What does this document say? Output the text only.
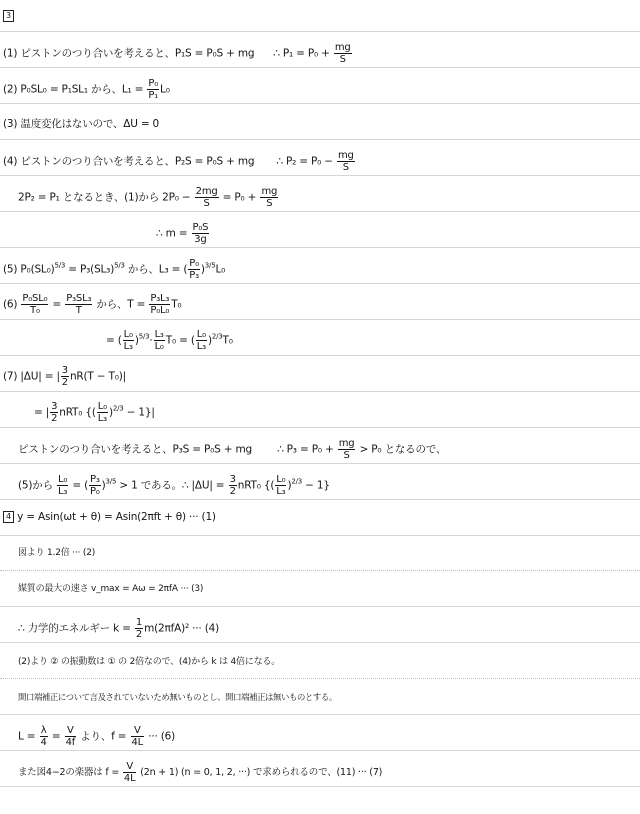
3
(1) ピストンのつり合いを考えると、P₁S = P₀S + mg ∴ $P_1 = P_0 + \frac{mg}{S}$
(2) P₀SL₀ = P₁SL₁ から、$L_1 = \frac{\text{P₀}}{\text{P₁}} L_0$
(3) 温度変化はないので、ΔU = 0
(4) ピストンのつり合いを考えると、P₂S = P₀S + mg ∴ $P_2 = P_0 - \frac{mg}{S}$
2P₂ = P₁ となるとき、(1)から $2P_0 - \frac{2mg}{S} = P_0 + \frac{mg}{S}$
∴ $m = \frac{\text{P₀S}}{3g}$
(5) $P_0(SL_0)^{5/3} = P_3(SL_3)^{5/3}$ から、L₃ = ( $\frac{\text{P₀}}{\text{P₃}} )^{3/5}L_0$
$(6) \frac{\text{P₀SL₀}}{\text{T₀}} = \frac{\text{P₃SL₃}}{T}$ から、$T = \frac{\text{P₃L₃}}{\text{P₀L₀}} T_0$
= ( $\frac{\text{L₀}}{\text{L₃}} )^{5/3}\cdot \frac{\text{L₃}}{\text{L₀}} T_0$ = ( $\frac{\text{L₀}}{\text{L₃}} )^{2/3}T_0$
(7) |ΔU| = | $\frac{3}{2} nR(T - T_0)|$
= | $\frac{3}{2} nRT_0$ {( $\frac{\text{L₀}}{\text{L₃}} )^{2/3} - 1\}|$
ピストンのつり合いを考えると、P₃S = P₀S + mg ∴ $P_3 = P_0 + \frac{mg}{S} > P_0$ となるので、
(5)から $\frac{\text{L₀}}{\text{L₃}}$ = ( $\frac{\text{P₃}}{\text{P₀}} )^{3/5} > 1$ である。∴ $|\Delta U| = \frac{3}{2} nRT_0$ {( $\frac{\text{L₀}}{\text{L₃}} )^{2/3} - 1$}
4 y = Asin(ωt + θ) = Asin(2πft + θ) ··· (1)
図より 1.2倍 ··· (2)
媒質の最大の速さ v_max = Aω = 2πfA ··· (3)
∴ 力学的エネルギー $k = \frac{1}{2} m(2\pi fA)^2$ ··· (4)
(2)より ② の振動数は ① の 2倍なので、(4)から k は 4倍になる。
開口端補正について言及されていないため無いものとし、開口端補正は無いものとする。
$L = \frac{\lambda}{4} = \frac{V}{4f}$ より、$f = \frac{V}{4L}$ ··· (6)
また図4−2の楽器は $f = \frac{V}{4L} (2n + 1) (n = 0$, 1, 2, ···) で求められるので、(11) ··· (7)
